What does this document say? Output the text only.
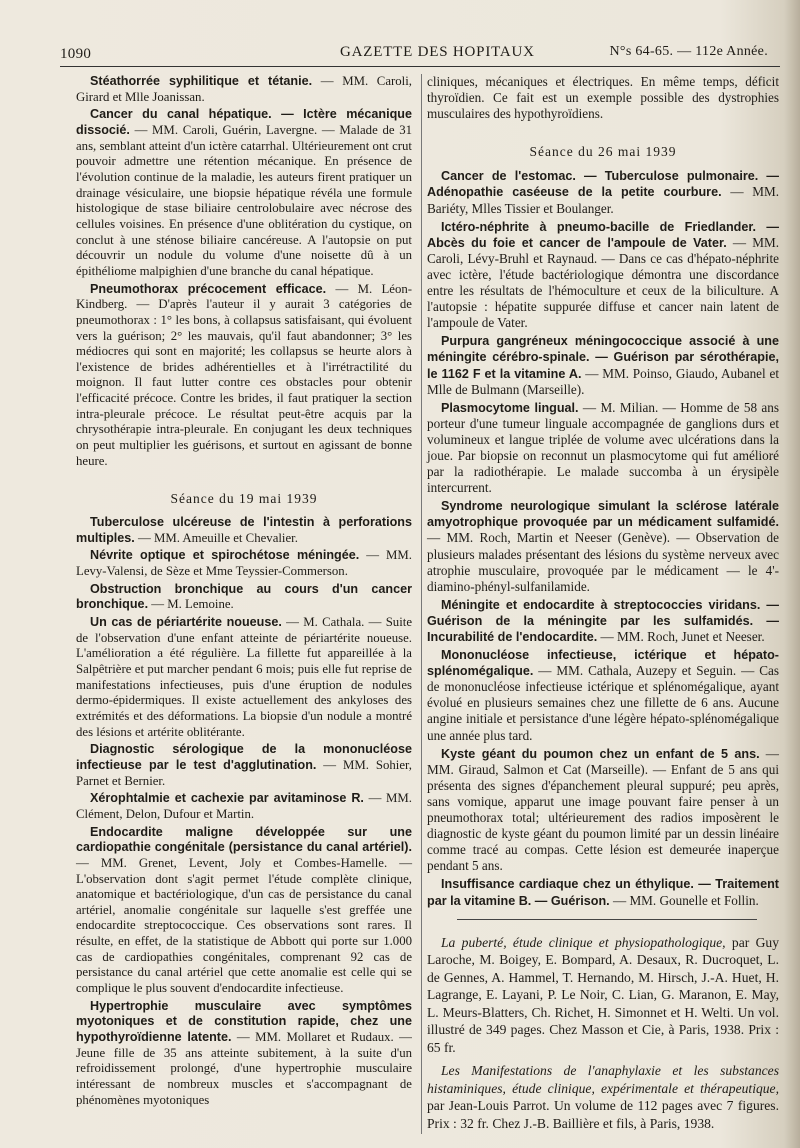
1090	GAZETTE DES HOPITAUX	N°s 64-65. — 112e Année.

Stéathorrée syphilitique et tétanie. — MM. Caroli, Girard et Mlle Joanissan.

Cancer du canal hépatique. — Ictère mécanique dissocié. — MM. Caroli, Guérin, Lavergne. — Malade de 31 ans, semblant atteint d'un ictère catarrhal. Ultérieurement ont crut pouvoir admettre une rétention mécanique. En présence de l'évolution continue de la maladie, les auteurs firent pratiquer un drainage vésiculaire, une biopsie hépatique révéla une formule histologique de stase biliaire centrolobulaire avec nécrose des cellules voisines. En présence d'une oblitération du cystique, on conclut à une sténose biliaire cancéreuse. A l'autopsie on put découvrir un nodule du volume d'une noisette dû à un épithéliome malpighien d'une branche du canal hépatique.

Pneumothorax précocement efficace. — M. Léon-Kindberg. — D'après l'auteur il y aurait 3 catégories de pneumothorax : 1° les bons, à collapsus satisfaisant, qui évoluent vers la guérison; 2° les mauvais, qu'il faut abandonner; 3° les médiocres qui sont en majorité; les collapsus se heurte alors à l'existence de brides adhérentielles et à l'irrétractilité du moignon. Il faut lutter contre ces obstacles pour obtenir l'efficacité précoce. Contre les brides, il faut pratiquer la section intra-pleurale précoce. Le résultat peut-être acquis par la chrysothérapie intra-pleurale. En conjugant les deux techniques on peut multiplier les guérisons, et surtout en agissant de bonne heure.

Séance du 19 mai 1939

Tuberculose ulcéreuse de l'intestin à perforations multiples. — MM. Ameuille et Chevalier.

Névrite optique et spirochétose méningée. — MM. Levy-Valensi, de Sèze et Mme Teyssier-Commerson.

Obstruction bronchique au cours d'un cancer bronchique. — M. Lemoine.

Un cas de périartérite noueuse. — M. Cathala. — Suite de l'observation d'une enfant atteinte de périartérite noueuse. L'amélioration a été régulière. La fillette fut appareillée à la Salpêtrière et put marcher pendant 6 mois; puis elle fut reprise de manifestations infectieuses, puis d'une éruption de nodules dermo-épidermiques. Il existe actuellement des ankyloses des extrémités et des déformations. La biopsie d'un nodule a montré des lésions et artérite oblitérante.

Diagnostic sérologique de la mononucléose infectieuse par le test d'agglutination. — MM. Sohier, Parnet et Bernier.

Xérophtalmie et cachexie par avitaminose R. — MM. Clément, Delon, Dufour et Martin.

Endocardite maligne développée sur une cardiopathie congénitale (persistance du canal artériel). — MM. Grenet, Levent, Joly et Combes-Hamelle. — L'observation dont s'agit permet l'étude complète clinique, anatomique et bactériologique, d'un cas de persistance du canal artériel, anomalie congénitale sur laquelle s'est greffée une endocardite streptococcique. Ces observations sont rares. Il résulte, en effet, de la statistique de Abbott qui porte sur 1.000 cas de cardiopathies congénitales, comprenant 92 cas de persistance du canal artériel que cette anomalie est celle qui se complique le plus souvent d'endocardite infectieuse.

Hypertrophie musculaire avec symptômes myotoniques et de constitution rapide, chez une hypothyroïdienne latente. — MM. Mollaret et Rudaux. — Jeune fille de 35 ans atteinte subitement, à la suite d'un refroidissement prolongé, d'une hypertrophie musculaire intéressant de nombreux muscles et s'accompagnant de phénomènes myotoniques

cliniques, mécaniques et électriques. En même temps, déficit thyroïdien. Ce fait est un exemple possible des dystrophies musculaires des hypothyroïdiens.

Séance du 26 mai 1939

Cancer de l'estomac. — Tuberculose pulmonaire. — Adénopathie caséeuse de la petite courbure. — MM. Bariéty, Mlles Tissier et Boulanger.

Ictéro-néphrite à pneumo-bacille de Friedlander. — Abcès du foie et cancer de l'ampoule de Vater. — MM. Caroli, Lévy-Bruhl et Raynaud. — Dans ce cas d'hépato-néphrite avec ictère, l'étude bactériologique démontra une discordance entre les résultats de l'hémoculture et ceux de la biliculture. A l'autopsie : hépatite suppurée diffuse et cancer nain latent de l'ampoule de Vater.

Purpura gangréneux méningococcique associé à une méningite cérébro-spinale. — Guérison par sérothérapie, le 1162 F et la vitamine A. — MM. Poinso, Giaudo, Aubanel et Mlle de Bulmann (Marseille).

Plasmocytome lingual. — M. Milian. — Homme de 58 ans porteur d'une tumeur linguale accompagnée de ganglions durs et volumineux et langue triplée de volume avec ulcérations dans la joue. Par biopsie on reconnut un plasmocytome qui fut amélioré par la radiothérapie. Le malade succomba à un érysipèle intercurrent.

Syndrome neurologique simulant la sclérose latérale amyotrophique provoquée par un médicament sulfamidé. — MM. Roch, Martin et Neeser (Genève). — Observation de plusieurs malades présentant des lésions du système nerveux avec atrophie musculaire, provoquée par le médicament — le 4'-diamino-phényl-sulfanilamide.

Méningite et endocardite à streptococcies viridans. — Guérison de la méningite par les sulfamidés. — Incurabilité de l'endocardite. — MM. Roch, Junet et Neeser.

Mononucléose infectieuse, ictérique et hépato-splénomégalique. — MM. Cathala, Auzepy et Seguin. — Cas de mononucléose infectieuse ictérique et splénomégalique, ayant évolué en plusieurs semaines chez une fillette de 6 ans. Aucune angine initiale et persistance d'une légère hépato-splénomégalique une année plus tard.

Kyste géant du poumon chez un enfant de 5 ans. — MM. Giraud, Salmon et Cat (Marseille). — Enfant de 5 ans qui présenta des signes d'épanchement pleural suppuré; peu après, sans vomique, apparut une image pouvant faire penser à un pneumothorax total; ultérieurement des radios imposèrent le diagnostic de kyste géant du poumon limité par un dessin linéaire comme tracé au compas. Cette lésion est demeurée inaperçue pendant 5 ans.

Insuffisance cardiaque chez un éthylique. — Traitement par la vitamine B. — Guérison. — MM. Gounelle et Follin.

La puberté, étude clinique et physiopathologique, par Guy Laroche, M. Boigey, E. Bompard, A. Desaux, R. Ducroquet, L. de Gennes, A. Hammel, T. Hernando, M. Hirsch, J.-A. Huet, H. Lagrange, E. Layani, P. Le Noir, C. Lian, G. Maranon, E. May, L. Meurs-Blatters, Ch. Richet, H. Simonnet et H. Welti. Un vol. illustré de 349 pages. Chez Masson et Cie, à Paris, 1938. Prix : 65 fr.

Les Manifestations de l'anaphylaxie et les substances histaminiques, étude clinique, expérimentale et thérapeutique, par Jean-Louis Parrot. Un volume de 112 pages avec 7 figures. Prix : 32 fr. Chez J.-B. Baillière et fils, à Paris, 1938.
